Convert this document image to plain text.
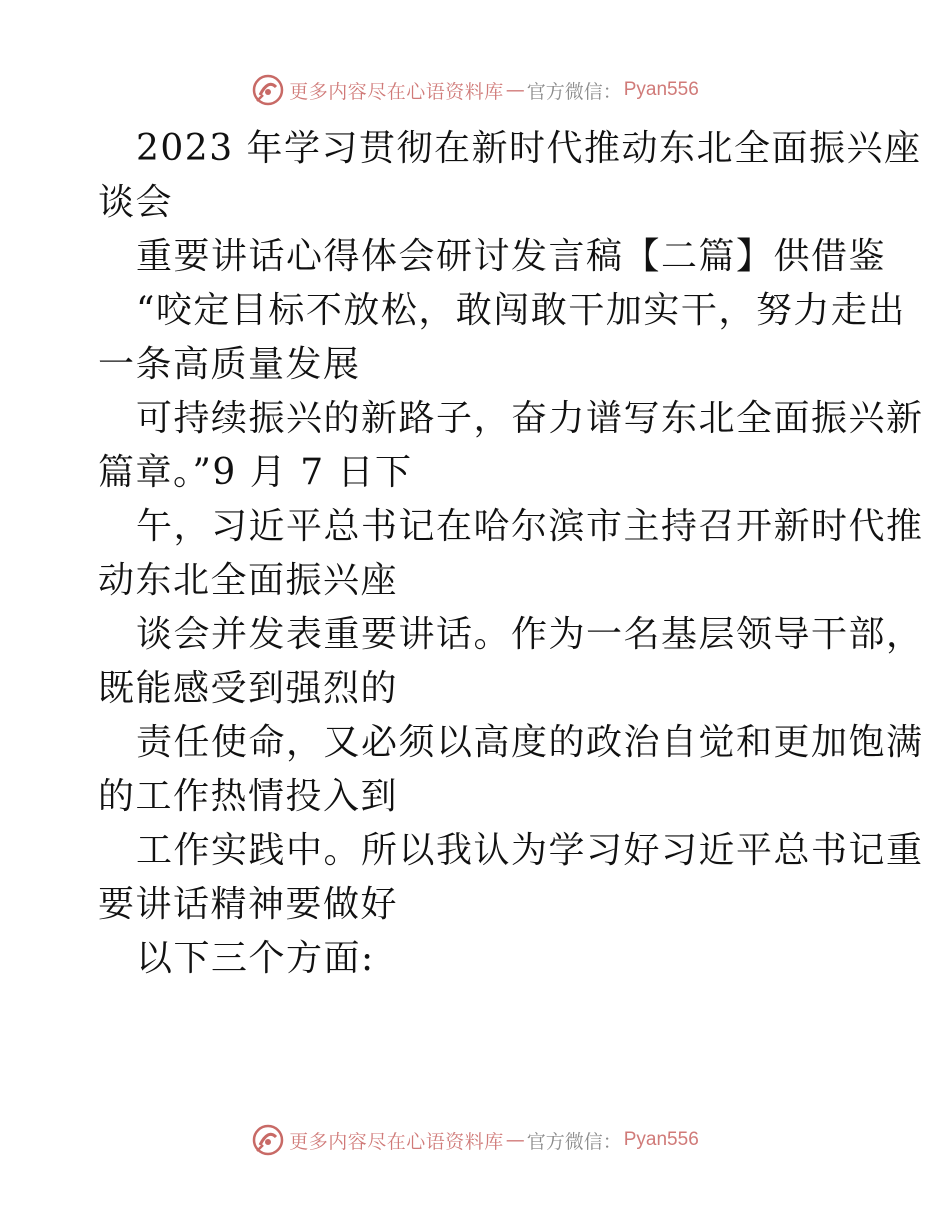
更多内容尽在心语资料库 — 官方微信： Pyan556
2023 年学习贯彻在新时代推动东北全面振兴座
谈会
重要讲话心得体会研讨发言稿【二篇】供借鉴
“咬定目标不放松，敢闯敢干加实干，努力走出
一条高质量发展
可持续振兴的新路子，奋力谱写东北全面振兴新
篇章。”9 月 7 日下
午，习近平总书记在哈尔滨市主持召开新时代推
动东北全面振兴座
谈会并发表重要讲话。作为一名基层领导干部，
既能感受到强烈的
责任使命，又必须以高度的政治自觉和更加饱满
的工作热情投入到
工作实践中。所以我认为学习好习近平总书记重
要讲话精神要做好
以下三个方面:
更多内容尽在心语资料库 — 官方微信： Pyan556
